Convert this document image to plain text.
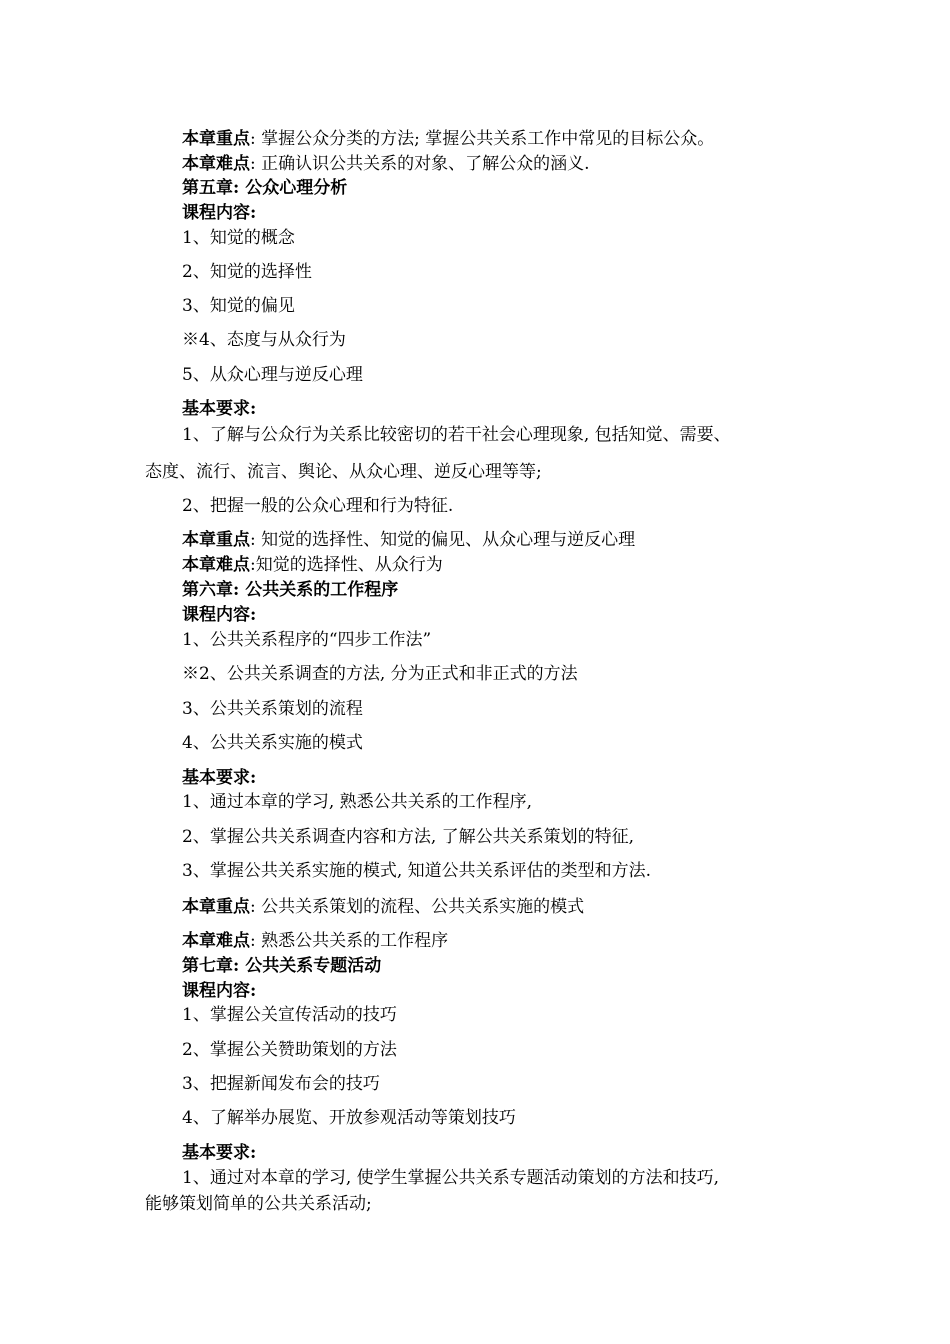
本章重点: 掌握公众分类的方法; 掌握公共关系工作中常见的目标公众。
本章难点: 正确认识公共关系的对象、了解公众的涵义.
第五章: 公众心理分析
课程内容:
1、知觉的概念
2、知觉的选择性
3、知觉的偏见
※4、态度与从众行为
5、从众心理与逆反心理
基本要求:
1、了解与公众行为关系比较密切的若干社会心理现象, 包括知觉、需要、
态度、流行、流言、舆论、从众心理、逆反心理等等;
2、把握一般的公众心理和行为特征.
本章重点: 知觉的选择性、知觉的偏见、从众心理与逆反心理
本章难点:知觉的选择性、从众行为
第六章: 公共关系的工作程序
课程内容:
1、公共关系程序的“四步工作法”
※2、公共关系调查的方法, 分为正式和非正式的方法
3、公共关系策划的流程
4、公共关系实施的模式
基本要求:
1、通过本章的学习, 熟悉公共关系的工作程序,
2、掌握公共关系调查内容和方法, 了解公共关系策划的特征,
3、掌握公共关系实施的模式, 知道公共关系评估的类型和方法.
本章重点: 公共关系策划的流程、公共关系实施的模式
本章难点: 熟悉公共关系的工作程序
第七章: 公共关系专题活动
课程内容:
1、掌握公关宣传活动的技巧
2、掌握公关赞助策划的方法
3、把握新闻发布会的技巧
4、了解举办展览、开放参观活动等策划技巧
基本要求:
1、通过对本章的学习, 使学生掌握公共关系专题活动策划的方法和技巧,
能够策划简单的公共关系活动;
